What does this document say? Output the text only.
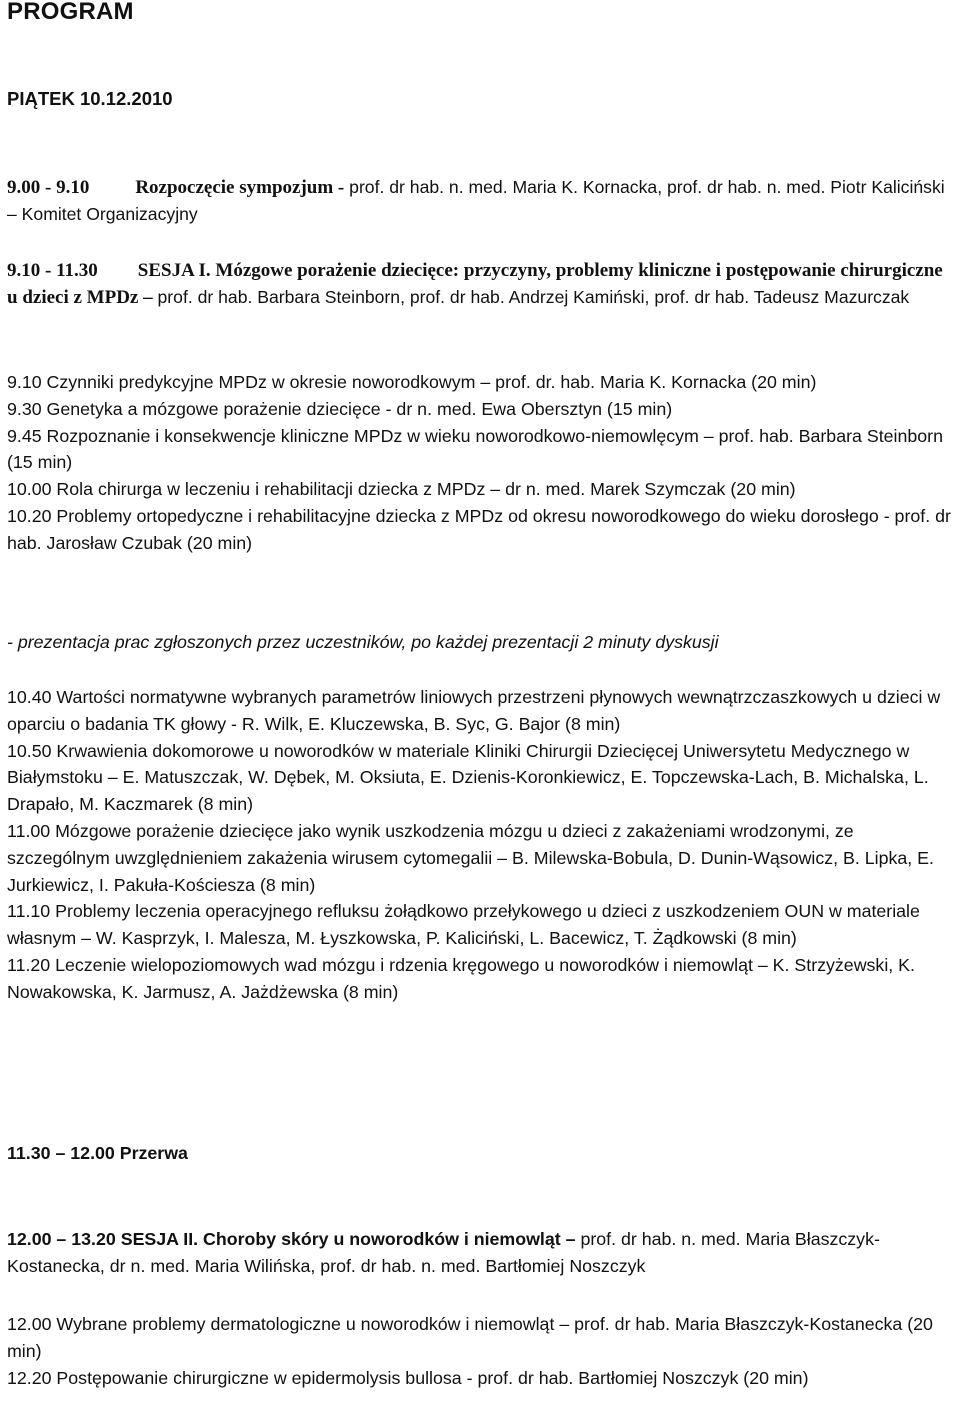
PROGRAM
PIĄTEK 10.12.2010
9.00 - 9.10 Rozpoczęcie sympozjum - prof. dr hab. n. med. Maria K. Kornacka, prof. dr hab. n. med. Piotr Kaliciński – Komitet Organizacyjny
9.10 - 11.30 SESJA I. Mózgowe porażenie dziecięce: przyczyny, problemy kliniczne i postępowanie chirurgiczne u dzieci z MPDz – prof. dr hab. Barbara Steinborn, prof. dr hab. Andrzej Kamiński, prof. dr hab. Tadeusz Mazurczak
9.10 Czynniki predykcyjne MPDz w okresie noworodkowym – prof. dr. hab. Maria K. Kornacka (20 min)
9.30 Genetyka a mózgowe porażenie dziecięce - dr n. med. Ewa Obersztyn (15 min)
9.45 Rozpoznanie i konsekwencje kliniczne MPDz w wieku noworodkowo-niemowlęcym – prof. hab. Barbara Steinborn (15 min)
10.00 Rola chirurga w leczeniu i rehabilitacji dziecka z MPDz – dr n. med. Marek Szymczak (20 min)
10.20 Problemy ortopedyczne i rehabilitacyjne dziecka z MPDz od okresu noworodkowego do wieku dorosłego - prof. dr hab. Jarosław Czubak (20 min)
- prezentacja prac zgłoszonych przez uczestników, po każdej prezentacji 2 minuty dyskusji
10.40 Wartości normatywne wybranych parametrów liniowych przestrzeni płynowych wewnątrzczaszkowych u dzieci w oparciu o badania TK głowy - R. Wilk, E. Kluczewska, B. Syc, G. Bajor (8 min)
10.50 Krwawienia dokomorowe u noworodków w materiale Kliniki Chirurgii Dziecięcej Uniwersytetu Medycznego w Białymstoku – E. Matuszczak, W. Dębek, M. Oksiuta, E. Dzienis-Koronkiewicz, E. Topczewska-Lach, B. Michalska, L. Drapało, M. Kaczmarek (8 min)
11.00 Mózgowe porażenie dziecięce jako wynik uszkodzenia mózgu u dzieci z zakażeniami wrodzonymi, ze szczególnym uwzględnieniem zakażenia wirusem cytomegalii – B. Milewska-Bobula, D. Dunin-Wąsowicz, B. Lipka, E. Jurkiewicz, I. Pakuła-Kościesza (8 min)
11.10 Problemy leczenia operacyjnego refluksu żołądkowo przełykowego u dzieci z uszkodzeniem OUN w materiale własnym – W. Kasprzyk, I. Malesza, M. Łyszkowska, P. Kaliciński, L. Bacewicz, T. Żądkowski (8 min)
11.20 Leczenie wielopoziomowych wad mózgu i rdzenia kręgowego u noworodków i niemowląt – K. Strzyżewski, K. Nowakowska, K. Jarmusz, A. Jażdżewska (8 min)
11.30 – 12.00 Przerwa
12.00 – 13.20 SESJA II. Choroby skóry u noworodków i niemowląt – prof. dr hab. n. med. Maria Błaszczyk-Kostanecka, dr n. med. Maria Wilińska, prof. dr hab. n. med. Bartłomiej Noszczyk
12.00 Wybrane problemy dermatologiczne u noworodków i niemowląt – prof. dr hab. Maria Błaszczyk-Kostanecka (20 min)
12.20 Postępowanie chirurgiczne w epidermolysis bullosa - prof. dr hab. Bartłomiej Noszczyk (20 min)
